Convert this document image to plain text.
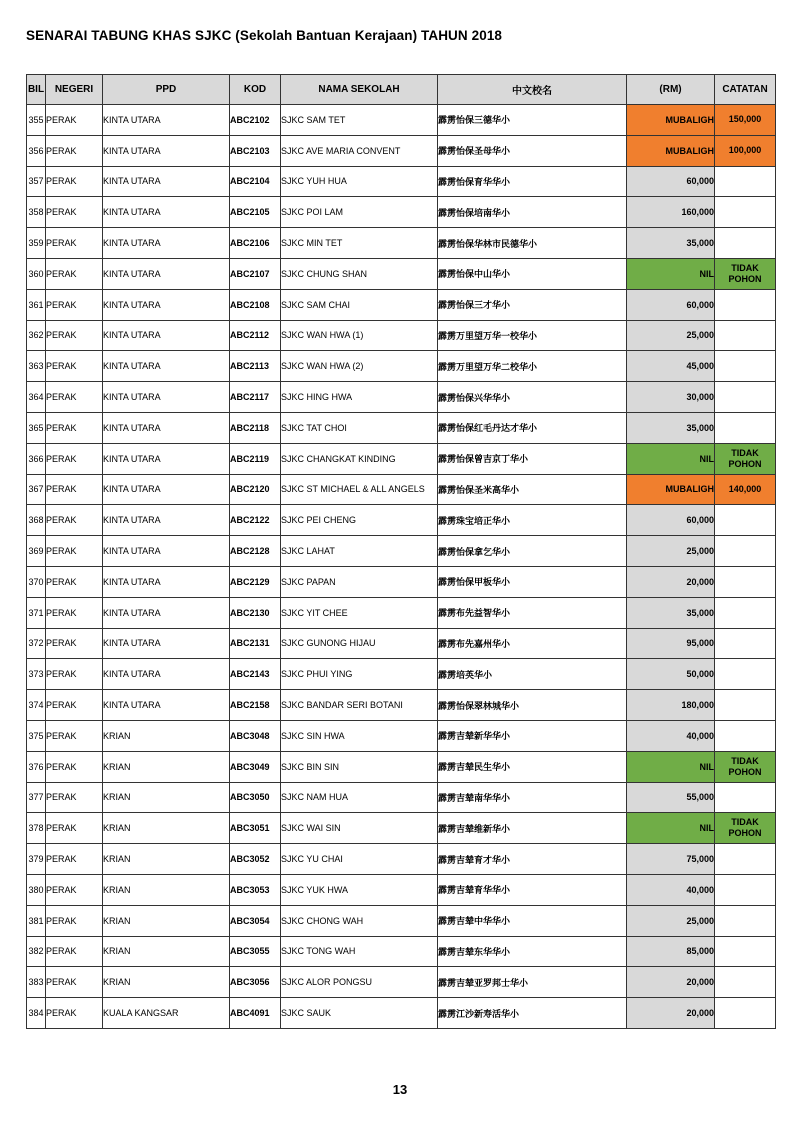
SENARAI TABUNG KHAS SJKC (Sekolah Bantuan Kerajaan) TAHUN 2018
BIL	NEGERI	PPD	KOD	NAMA SEKOLAH	中文校名	(RM)	CATATAN
355	PERAK	KINTA UTARA	ABC2102	SJKC SAM TET	霹雳怡保三德华小	MUBALIGH	150,000
356	PERAK	KINTA UTARA	ABC2103	SJKC AVE MARIA CONVENT	霹雳怡保圣母华小	MUBALIGH	100,000
357	PERAK	KINTA UTARA	ABC2104	SJKC YUH HUA	霹雳怡保育华华小	60,000	
358	PERAK	KINTA UTARA	ABC2105	SJKC POI LAM	霹雳怡保培南华小	160,000	
359	PERAK	KINTA UTARA	ABC2106	SJKC MIN TET	霹雳怡保华林市民德华小	35,000	
360	PERAK	KINTA UTARA	ABC2107	SJKC CHUNG SHAN	霹雳怡保中山华小	NIL	TIDAK
POHON
361	PERAK	KINTA UTARA	ABC2108	SJKC SAM CHAI	霹雳怡保三才华小	60,000	
362	PERAK	KINTA UTARA	ABC2112	SJKC WAN HWA (1)	霹雳万里望万华一校华小	25,000	
363	PERAK	KINTA UTARA	ABC2113	SJKC WAN HWA (2)	霹雳万里望万华二校华小	45,000	
364	PERAK	KINTA UTARA	ABC2117	SJKC HING HWA	霹雳怡保兴华华小	30,000	
365	PERAK	KINTA UTARA	ABC2118	SJKC TAT CHOI	霹雳怡保红毛丹达才华小	35,000	
366	PERAK	KINTA UTARA	ABC2119	SJKC CHANGKAT KINDING	霹雳怡保曾吉京丁华小	NIL	TIDAK
POHON
367	PERAK	KINTA UTARA	ABC2120	SJKC ST MICHAEL & ALL ANGELS	霹雳怡保圣米高华小	MUBALIGH	140,000
368	PERAK	KINTA UTARA	ABC2122	SJKC PEI CHENG	霹雳珠宝培正华小	60,000	
369	PERAK	KINTA UTARA	ABC2128	SJKC LAHAT	霹雳怡保拿乞华小	25,000	
370	PERAK	KINTA UTARA	ABC2129	SJKC PAPAN	霹雳怡保甲板华小	20,000	
371	PERAK	KINTA UTARA	ABC2130	SJKC YIT CHEE	霹雳布先益智华小	35,000	
372	PERAK	KINTA UTARA	ABC2131	SJKC GUNONG HIJAU	霹雳布先嘉州华小	95,000	
373	PERAK	KINTA UTARA	ABC2143	SJKC PHUI YING	霹雳培英华小	50,000	
374	PERAK	KINTA UTARA	ABC2158	SJKC BANDAR SERI BOTANI	霹雳怡保翠林城华小	180,000	
375	PERAK	KRIAN	ABC3048	SJKC SIN HWA	霹雳吉辇新华华小	40,000	
376	PERAK	KRIAN	ABC3049	SJKC BIN SIN	霹雳吉辇民生华小	NIL	TIDAK
POHON
377	PERAK	KRIAN	ABC3050	SJKC NAM HUA	霹雳吉辇南华华小	55,000	
378	PERAK	KRIAN	ABC3051	SJKC WAI SIN	霹雳吉辇维新华小	NIL	TIDAK
POHON
379	PERAK	KRIAN	ABC3052	SJKC YU CHAI	霹雳吉辇育才华小	75,000	
380	PERAK	KRIAN	ABC3053	SJKC YUK HWA	霹雳吉辇育华华小	40,000	
381	PERAK	KRIAN	ABC3054	SJKC CHONG WAH	霹雳吉辇中华华小	25,000	
382	PERAK	KRIAN	ABC3055	SJKC TONG WAH	霹雳吉辇东华华小	85,000	
383	PERAK	KRIAN	ABC3056	SJKC ALOR PONGSU	霹雳吉辇亚罗邦士华小	20,000	
384	PERAK	KUALA KANGSAR	ABC4091	SJKC SAUK	霹雳江沙新寿活华小	20,000	
13
